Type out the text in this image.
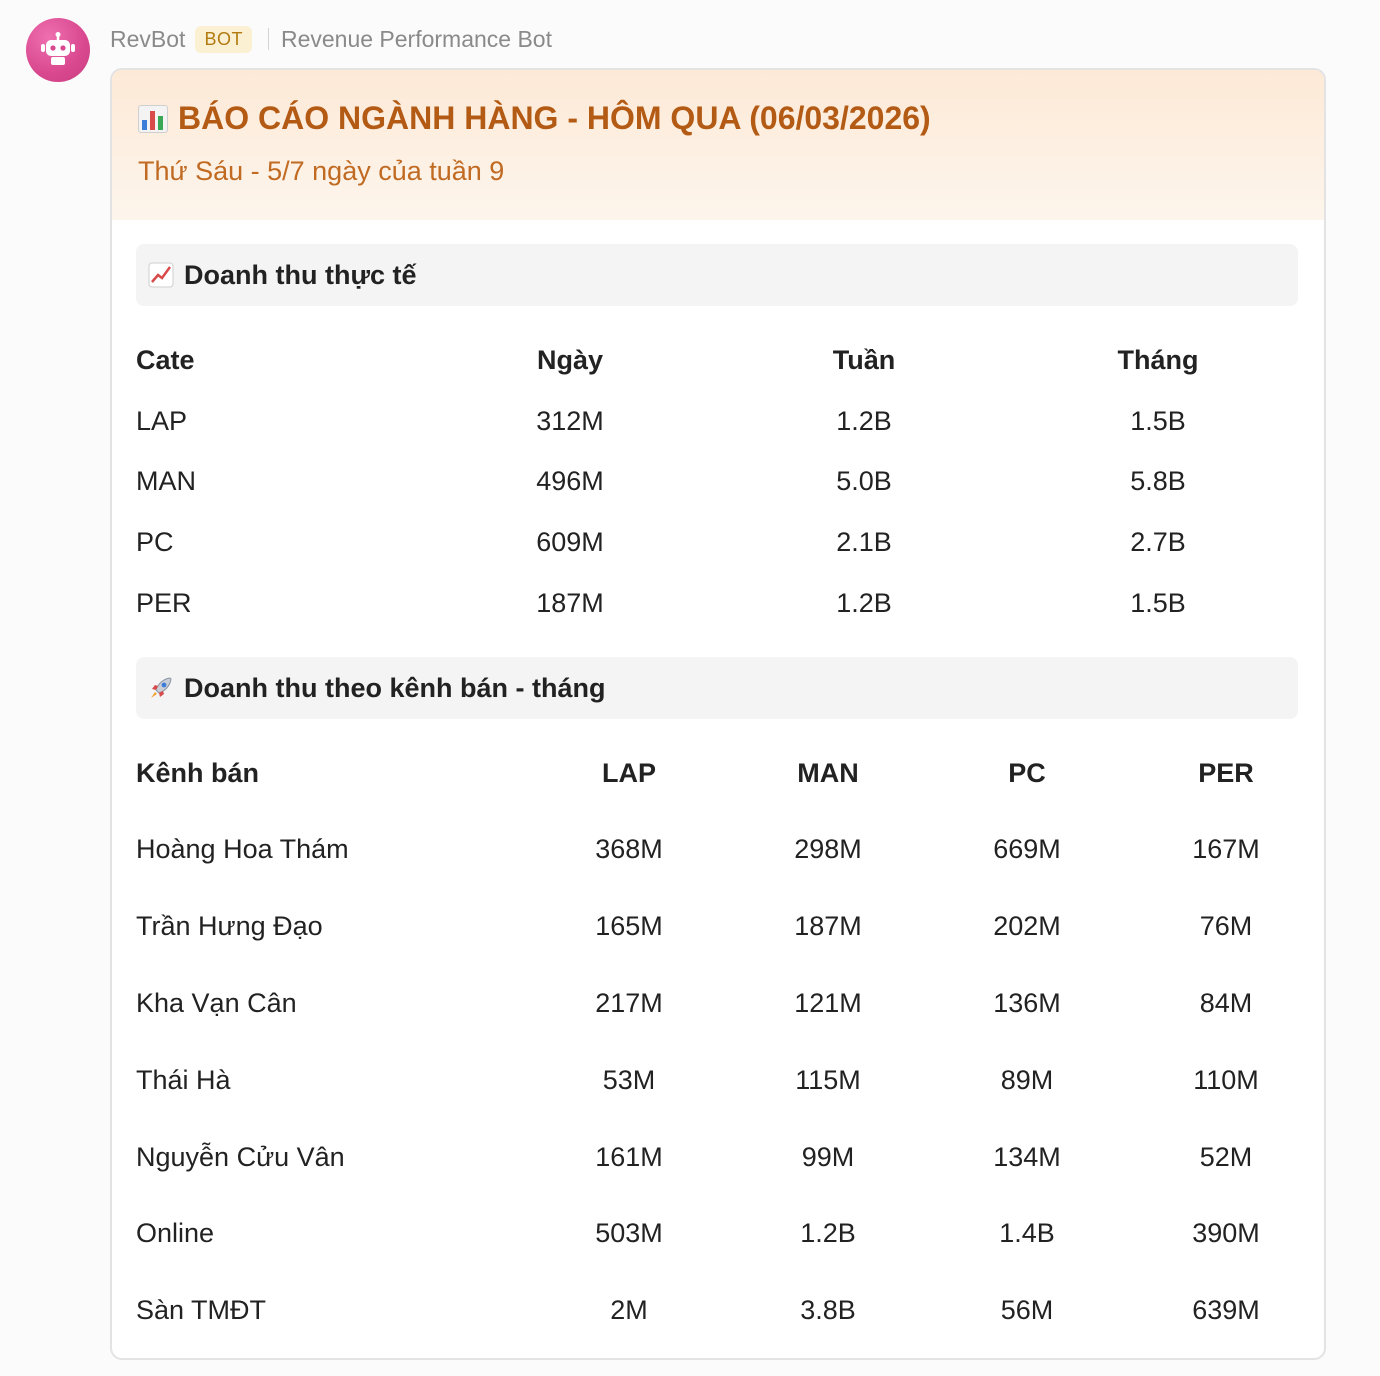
RevBot	BOT	Revenue Performance Bot
BÁO CÁO NGÀNH HÀNG - HÔM QUA (06/03/2026)
Thứ Sáu - 5/7 ngày của tuần 9
Doanh thu thực tế
Cate	Ngày	Tuần	Tháng
LAP	312M	1.2B	1.5B
MAN	496M	5.0B	5.8B
PC	609M	2.1B	2.7B
PER	187M	1.2B	1.5B
Doanh thu theo kênh bán - tháng
Kênh bán	LAP	MAN	PC	PER
Hoàng Hoa Thám	368M	298M	669M	167M
Trần Hưng Đạo	165M	187M	202M	76M
Kha Vạn Cân	217M	121M	136M	84M
Thái Hà	53M	115M	89M	110M
Nguyễn Cửu Vân	161M	99M	134M	52M
Online	503M	1.2B	1.4B	390M
Sàn TMĐT	2M	3.8B	56M	639M
